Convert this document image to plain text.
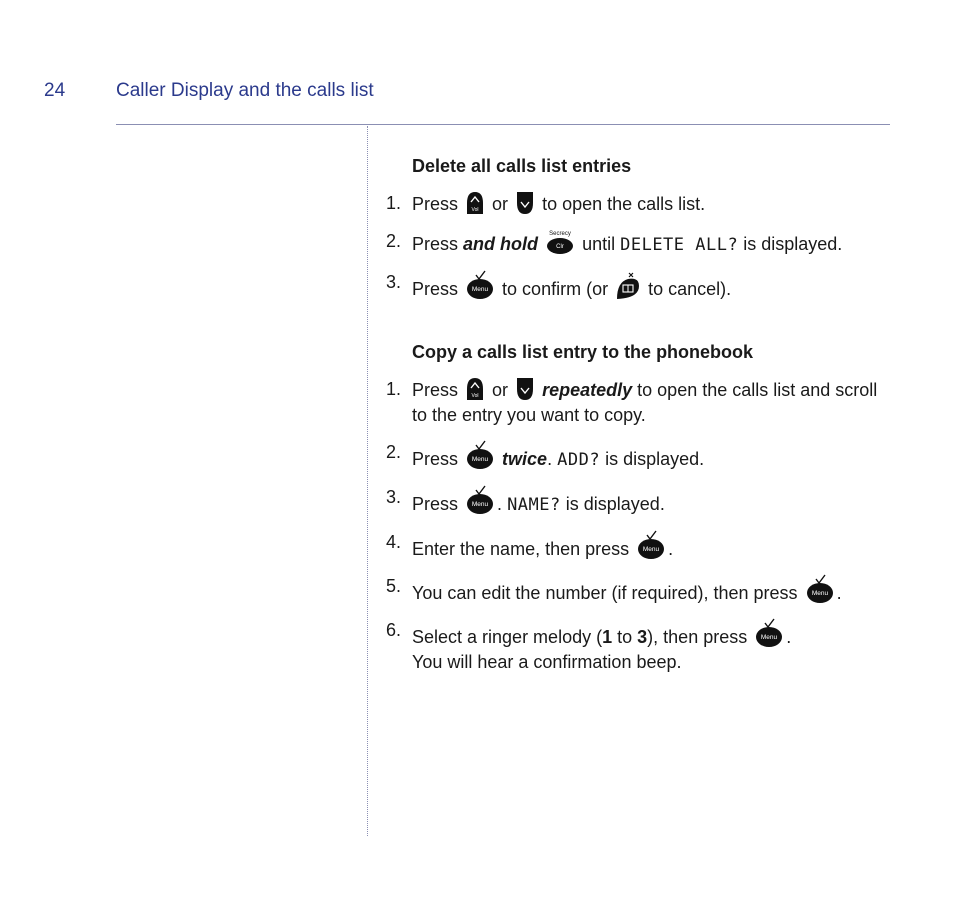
24	Caller Display and the calls list
Delete all calls list entries
1. Press	Vol or to open the calls list.
2. Press and hold Secrecy
Clr until DELETE ALL? is displayed.
3. Press Menu to confirm (or to cancel).
Copy a calls list entry to the phonebook
1. Press	Vol or repeatedly to open the calls list and scroll to the entry you want to copy.
2. Press Menu twice. ADD? is displayed.
3. Press Menu . NAME? is displayed.
4. Enter the name, then press Menu .
5. You can edit the number (if required), then press Menu .
6. Select a ringer melody (1 to 3), then press Menu .
You will hear a confirmation beep.
